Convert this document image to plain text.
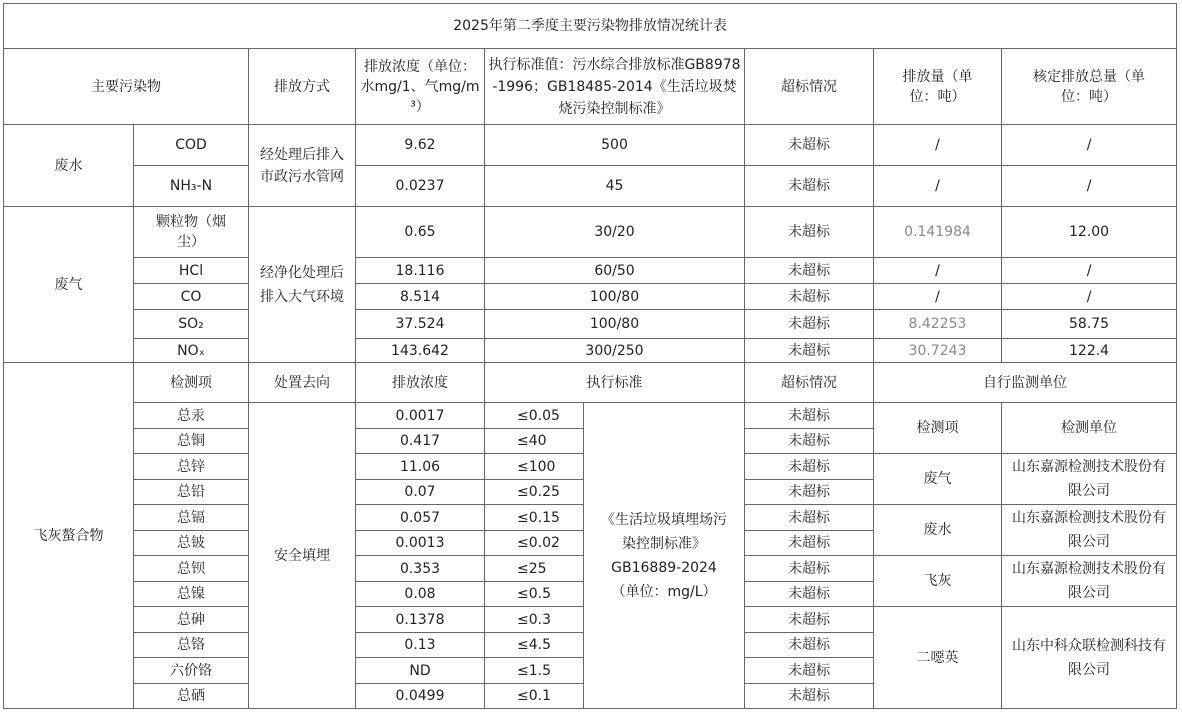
2025年第二季度主要污染物排放情况统计表								
主要污染物		排放方式	排放浓度（单位：水mg/1、气mg/m³）	执行标准值：污水综合排放标准GB8978-1996；GB18485-2014《生活垃圾焚烧污染控制标准》		超标情况	排放量（单位：吨）	核定排放总量（单位：吨）
废水	COD	经处理后排入市政污水管网	9.62	500		未超标	/	/
	NH₃-N		0.0237	45		未超标	/	/
废气	颗粒物（烟尘）	经净化处理后排入大气环境	0.65	30/20		未超标	0.141984	12.00
	HCl		18.116	60/50		未超标	/	/
	CO		8.514	100/80		未超标	/	/
	SO₂		37.524	100/80		未超标	8.42253	58.75
	NOₓ		143.642	300/250		未超标	30.7243	122.4
飞灰螯合物	检测项	处置去向	排放浓度	执行标准		超标情况	自行监测单位	
	总汞	安全填埋	0.0017	≤0.05	《生活垃圾填埋场污染控制标准》GB16889-2024（单位：mg/L）	未超标	检测项	检测单位
	总铜		0.417	≤40		未超标		
	总锌		11.06	≤100		未超标	废气	山东嘉源检测技术股份有限公司
	总铅		0.07	≤0.25		未超标		
	总镉		0.057	≤0.15		未超标	废水	山东嘉源检测技术股份有限公司
	总铍		0.0013	≤0.02		未超标		
	总钡		0.353	≤25		未超标	飞灰	山东嘉源检测技术股份有限公司
	总镍		0.08	≤0.5		未超标		
	总砷		0.1378	≤0.3		未超标	二噁英	山东中科众联检测科技有限公司
	总铬		0.13	≤4.5		未超标		
	六价铬		ND	≤1.5		未超标		
	总硒		0.0499	≤0.1		未超标		
